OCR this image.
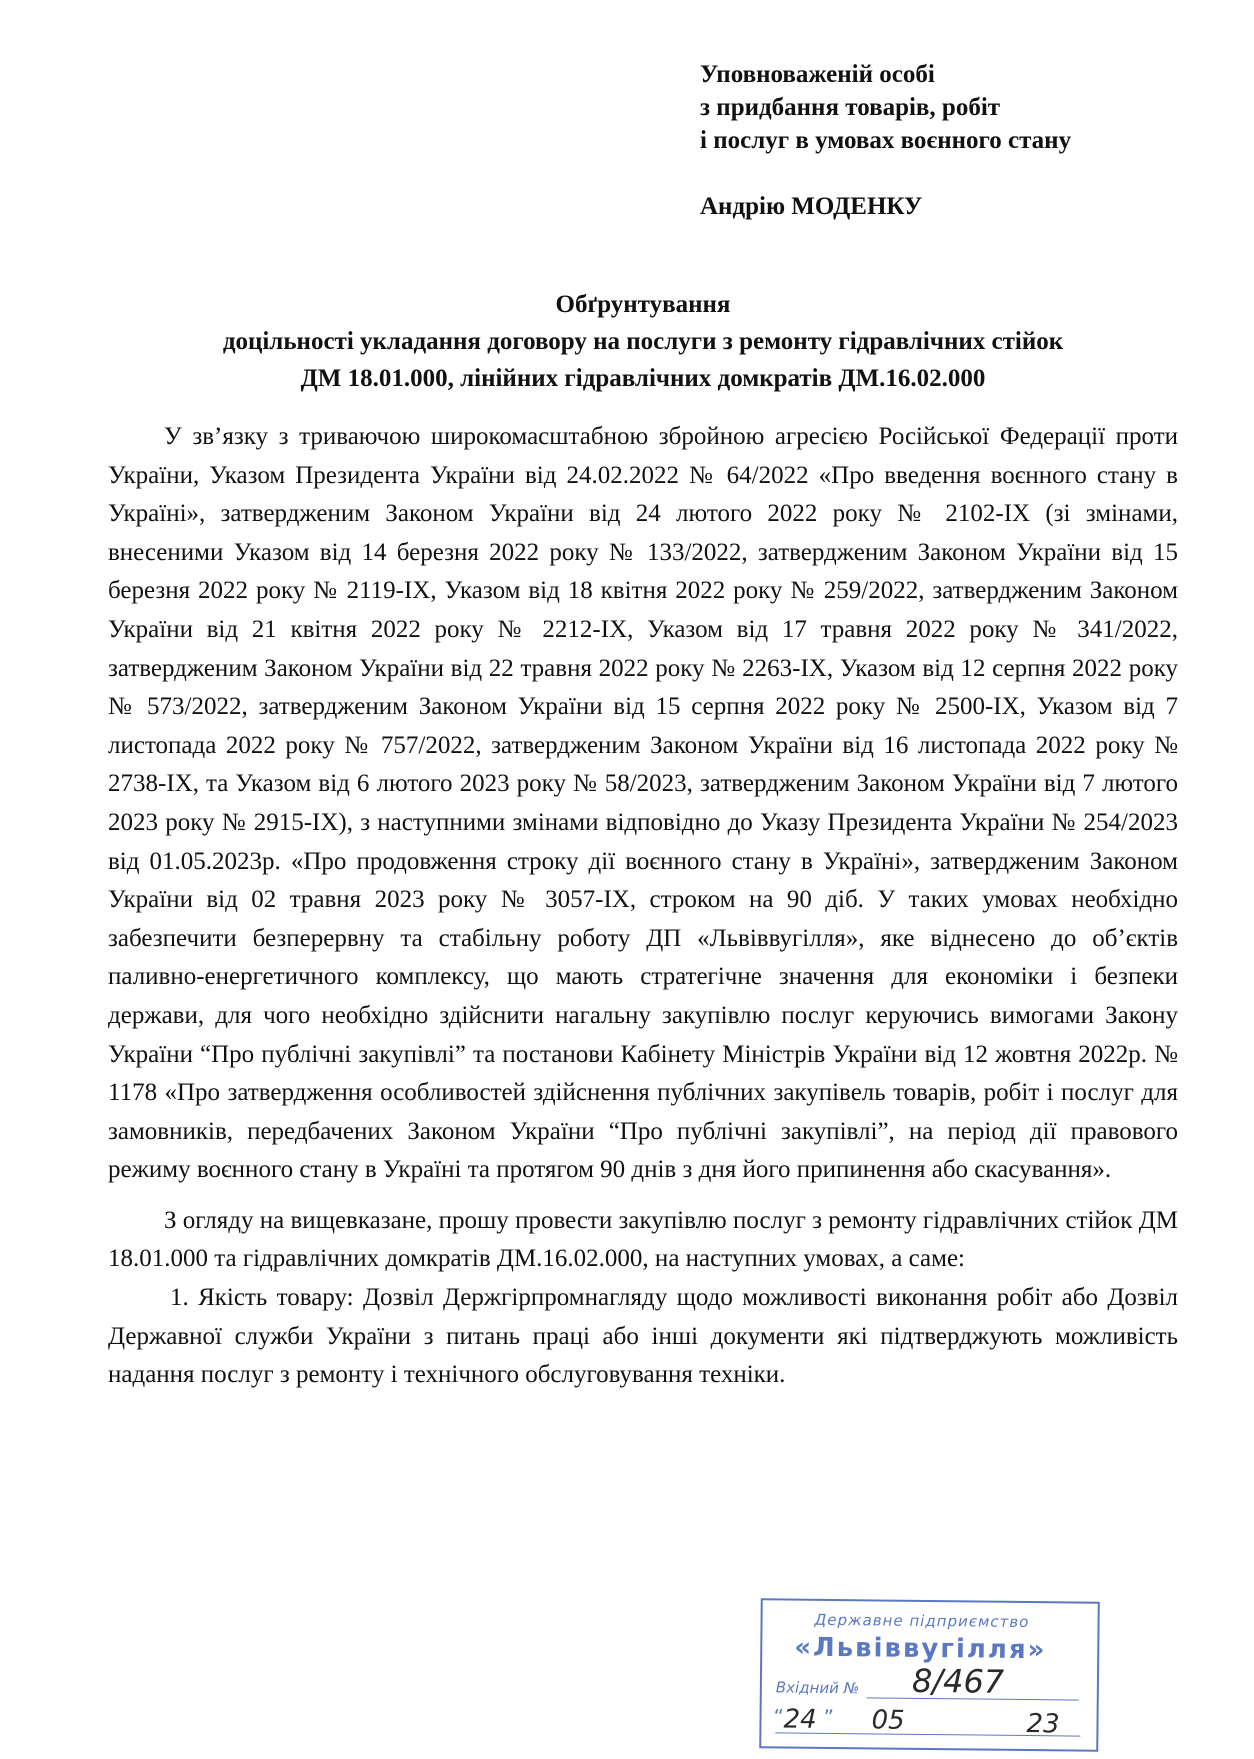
Уповноваженій особі
з придбання товарів, робіт
і послуг в умовах воєнного стану
Андрію МОДЕНКУ
Обґрунтування
доцільності укладання договору на послуги з ремонту гідравлічних стійок
ДМ 18.01.000, лінійних гідравлічних домкратів ДМ.16.02.000

У зв’язку з триваючою широкомасштабною збройною агресією Російської Федерації проти України, Указом Президента України від 24.02.2022 № 64/2022 «Про введення воєнного стану в Україні», затвердженим Законом України від 24 лютого 2022 року № 2102-IX (зі змінами, внесеними Указом від 14 березня 2022 року № 133/2022, затвердженим Законом України від 15 березня 2022 року № 2119-IX, Указом від 18 квітня 2022 року № 259/2022, затвердженим Законом України від 21 квітня 2022 року № 2212-IX, Указом від 17 травня 2022 року № 341/2022, затвердженим Законом України від 22 травня 2022 року № 2263-IX, Указом від 12 серпня 2022 року № 573/2022, затвердженим Законом України від 15 серпня 2022 року № 2500-IX, Указом від 7 листопада 2022 року № 757/2022, затвердженим Законом України від 16 листопада 2022 року № 2738-IX, та Указом від 6 лютого 2023 року № 58/2023, затвердженим Законом України від 7 лютого 2023 року № 2915-IX), з наступними змінами відповідно до Указу Президента України № 254/2023 від 01.05.2023р. «Про продовження строку дії воєнного стану в Україні», затвердженим Законом України від 02 травня 2023 року № 3057-IX, строком на 90 діб. У таких умовах необхідно забезпечити безперервну та стабільну роботу ДП «Львіввугілля», яке віднесено до об’єктів паливно-енергетичного комплексу, що мають стратегічне значення для економіки і безпеки держави, для чого необхідно здійснити нагальну закупівлю послуг керуючись вимогами Закону України “Про публічні закупівлі” та постанови Кабінету Міністрів України від 12 жовтня 2022р. № 1178 «Про затвердження особливостей здійснення публічних закупівель товарів, робіт і послуг для замовників, передбачених Законом України “Про публічні закупівлі”, на період дії правового режиму воєнного стану в Україні та протягом 90 днів з дня його припинення або скасування».

З огляду на вищевказане, прошу провести закупівлю послуг з ремонту гідравлічних стійок ДМ 18.01.000 та гідравлічних домкратів ДМ.16.02.000, на наступних умовах, а саме:

1. Якість товару: Дозвіл Держгірпромнагляду щодо можливості виконання робіт або Дозвіл Державної служби України з питань праці або інші документи які підтверджують можливість надання послуг з ремонту і технічного обслуговування техніки.

Державне підприємство
«Львіввугілля»
Вхідний № 8/467
“ 24 ” 05	23
